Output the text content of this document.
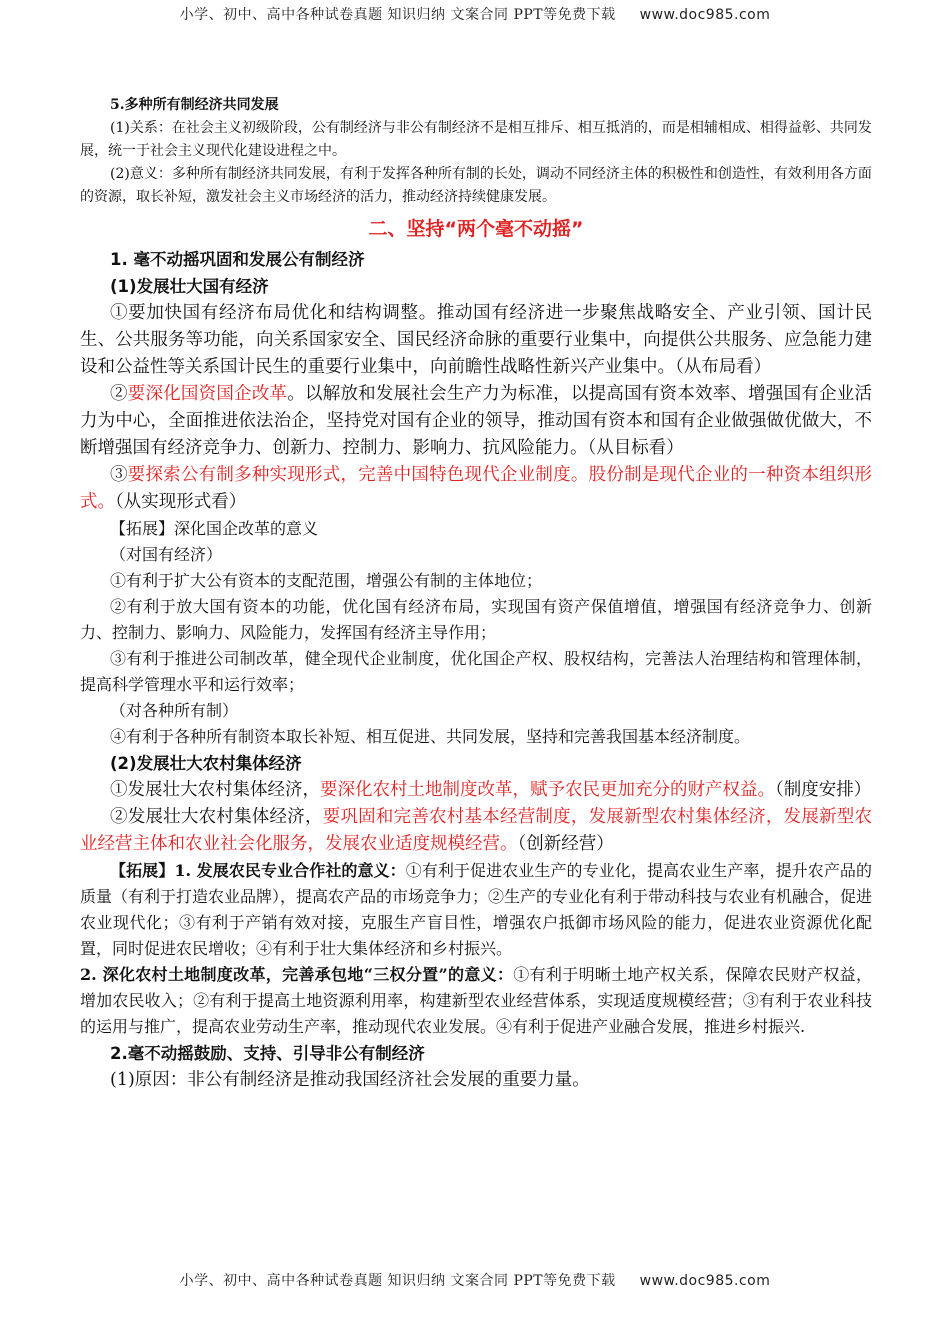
小学、初中、高中各种试卷真题 知识归纳 文案合同 PPT等免费下载 www.doc985.com

5.多种所有制经济共同发展

(1)关系：在社会主义初级阶段，公有制经济与非公有制经济不是相互排斥、相互抵消的，而是相辅相成、相得益彰、共同发展，统一于社会主义现代化建设进程之中。

(2)意义：多种所有制经济共同发展，有利于发挥各种所有制的长处，调动不同经济主体的积极性和创造性，有效利用各方面的资源，取长补短，激发社会主义市场经济的活力，推动经济持续健康发展。

二、坚持“两个毫不动摇”

1. 毫不动摇巩固和发展公有制经济

(1)发展壮大国有经济

①要加快国有经济布局优化和结构调整。推动国有经济进一步聚焦战略安全、产业引领、国计民生、公共服务等功能，向关系国家安全、国民经济命脉的重要行业集中，向提供公共服务、应急能力建设和公益性等关系国计民生的重要行业集中，向前瞻性战略性新兴产业集中。（从布局看）

②要深化国资国企改革。以解放和发展社会生产力为标准，以提高国有资本效率、增强国有企业活力为中心，全面推进依法治企，坚持党对国有企业的领导，推动国有资本和国有企业做强做优做大，不断增强国有经济竞争力、创新力、控制力、影响力、抗风险能力。（从目标看）

③要探索公有制多种实现形式，完善中国特色现代企业制度。股份制是现代企业的一种资本组织形式。（从实现形式看）

【拓展】深化国企改革的意义

（对国有经济）

①有利于扩大公有资本的支配范围，增强公有制的主体地位；

②有利于放大国有资本的功能，优化国有经济布局，实现国有资产保值增值，增强国有经济竞争力、创新力、控制力、影响力、风险能力，发挥国有经济主导作用；

③有利于推进公司制改革，健全现代企业制度，优化国企产权、股权结构，完善法人治理结构和管理体制，提高科学管理水平和运行效率；

（对各种所有制）

④有利于各种所有制资本取长补短、相互促进、共同发展，坚持和完善我国基本经济制度。

(2)发展壮大农村集体经济

①发展壮大农村集体经济，要深化农村土地制度改革，赋予农民更加充分的财产权益。（制度安排）

②发展壮大农村集体经济，要巩固和完善农村基本经营制度，发展新型农村集体经济，发展新型农业经营主体和农业社会化服务，发展农业适度规模经营。（创新经营）

【拓展】1. 发展农民专业合作社的意义：①有利于促进农业生产的专业化，提高农业生产率，提升农产品的质量（有利于打造农业品牌），提高农产品的市场竞争力；②生产的专业化有利于带动科技与农业有机融合，促进农业现代化；③有利于产销有效对接，克服生产盲目性，增强农户抵御市场风险的能力，促进农业资源优化配置，同时促进农民增收；④有利于壮大集体经济和乡村振兴。

2. 深化农村土地制度改革，完善承包地“三权分置”的意义：①有利于明晰土地产权关系，保障农民财产权益，增加农民收入；②有利于提高土地资源利用率，构建新型农业经营体系，实现适度规模经营；③有利于农业科技的运用与推广，提高农业劳动生产率，推动现代农业发展。④有利于促进产业融合发展，推进乡村振兴.

2.毫不动摇鼓励、支持、引导非公有制经济

(1)原因：非公有制经济是推动我国经济社会发展的重要力量。

小学、初中、高中各种试卷真题 知识归纳 文案合同 PPT等免费下载 www.doc985.com
